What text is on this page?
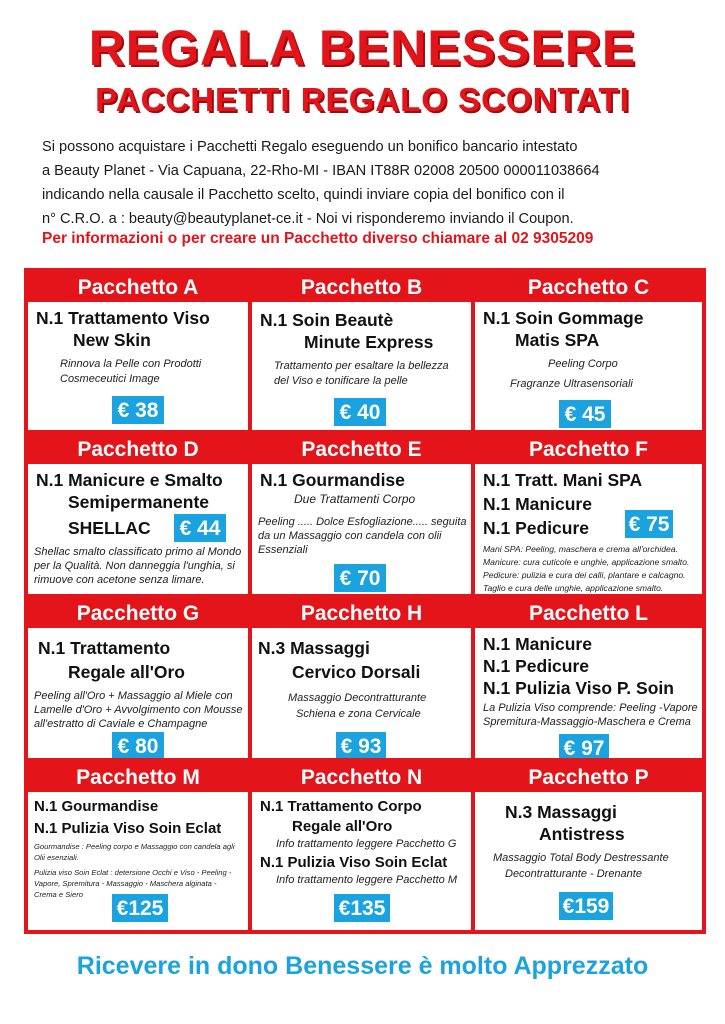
REGALA BENESSERE
PACCHETTI REGALO SCONTATI
Si possono acquistare i Pacchetti Regalo eseguendo un bonifico bancario intestato
a Beauty Planet - Via Capuana, 22-Rho-MI - IBAN IT88R 02008 20500 000011038664
indicando nella causale il Pacchetto scelto, quindi inviare copia del bonifico con il
n° C.R.O. a : beauty@beautyplanet-ce.it - Noi vi risponderemo inviando il Coupon.
Per informazioni o per creare un Pacchetto diverso chiamare al 02 9305209
Pacchetto A
N.1 Trattamento Viso
New Skin
Rinnova la Pelle con Prodotti
Cosmeceutici Image
€ 38
Pacchetto B
N.1 Soin Beautè
Minute Express
Trattamento per esaltare la bellezza
del Viso e tonificare la pelle
€ 40
Pacchetto C
N.1 Soin Gommage
Matis SPA
Peeling Corpo
Fragranze Ultrasensoriali
€ 45
Pacchetto D
N.1 Manicure e Smalto
Semipermanente
SHELLAC € 44
Shellac smalto classificato primo al Mondo
per la Qualità. Non danneggia l'unghia, si
rimuove con acetone senza limare.
Pacchetto E
N.1 Gourmandise
Due Trattamenti Corpo
Peeling ..... Dolce Esfogliazione..... seguita
da un Massaggio con candela con olii
Essenziali
€ 70
Pacchetto F
N.1 Tratt. Mani SPA
N.1 Manicure
N.1 Pedicure € 75
Mani SPA: Peeling, maschera e crema all'orchidea.
Manicure: cura cuticole e unghie, applicazione smalto.
Pedicure: pulizia e cura dei calli, plantare e calcagno.
Taglio e cura delle unghie, applicazione smalto.
Pacchetto G
N.1 Trattamento
Regale all'Oro
Peeling all'Oro + Massaggio al Miele con
Lamelle d'Oro + Avvolgimento con Mousse
all'estratto di Caviale e Champagne
€ 80
Pacchetto H
N.3 Massaggi
Cervico Dorsali
Massaggio Decontratturante
Schiena e zona Cervicale
€ 93
Pacchetto L
N.1 Manicure
N.1 Pedicure
N.1 Pulizia Viso P. Soin
La Pulizia Viso comprende: Peeling -Vapore
Spremitura-Massaggio-Maschera e Crema
€ 97
Pacchetto M
N.1 Gourmandise
N.1 Pulizia Viso Soin Eclat
Gourmandise : Peeling corpo e Massaggio con candela agli
Olii esenziali.
Pulizia viso Soin Eclat : detersione Occhi e Viso - Peeling -
Vapore, Spremitura - Massaggio - Maschera alginata -
Crema e Siero
€125
Pacchetto N
N.1 Trattamento Corpo
Regale all'Oro
Info trattamento leggere Pacchetto G
N.1 Pulizia Viso Soin Eclat
Info trattamento leggere Pacchetto M
€135
Pacchetto P
N.3 Massaggi
Antistress
Massaggio Total Body Destressante
Decontratturante - Drenante
€159
Ricevere in dono Benessere è molto Apprezzato
